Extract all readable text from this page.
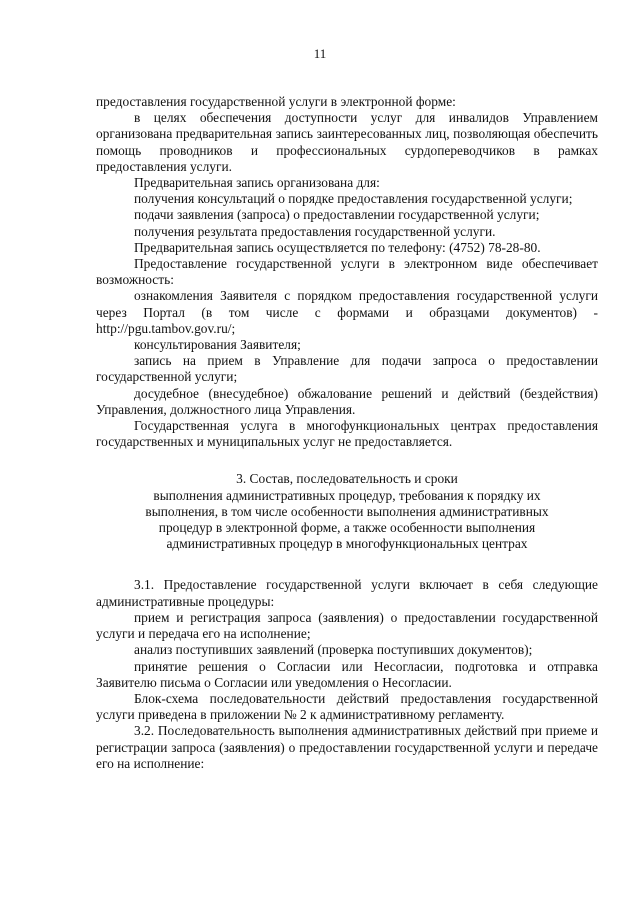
11

предоставления государственной услуги в электронной форме:

в целях обеспечения доступности услуг для инвалидов Управлением организована предварительная запись заинтересованных лиц, позволяющая обеспечить помощь проводников и профессиональных сурдопереводчиков в рамках предоставления услуги.

Предварительная запись организована для:

получения консультаций о порядке предоставления государственной услуги;

подачи заявления (запроса) о предоставлении государственной услуги;

получения результата предоставления государственной услуги.

Предварительная запись осуществляется по телефону: (4752) 78-28-80.

Предоставление государственной услуги в электронном виде обеспечивает возможность:

ознакомления Заявителя с порядком предоставления государственной услуги через Портал (в том числе с формами и образцами документов) - http://pgu.tambov.gov.ru/;

консультирования Заявителя;

запись на прием в Управление для подачи запроса о предоставлении государственной услуги;

досудебное (внесудебное) обжалование решений и действий (бездействия) Управления, должностного лица Управления.

Государственная услуга в многофункциональных центрах предоставления государственных и муниципальных услуг не предоставляется.

3. Состав, последовательность и сроки
выполнения административных процедур, требования к порядку их
выполнения, в том числе особенности выполнения административных
процедур в электронной форме, а также особенности выполнения
административных процедур в многофункциональных центрах

3.1. Предоставление государственной услуги включает в себя следующие административные процедуры:

прием и регистрация запроса (заявления) о предоставлении государственной услуги и передача его на исполнение;

анализ поступивших заявлений (проверка поступивших документов);

принятие решения о Согласии или Несогласии, подготовка и отправка Заявителю письма о Согласии или уведомления о Несогласии.

Блок-схема последовательности действий предоставления государственной услуги приведена в приложении № 2 к административному регламенту.

3.2. Последовательность выполнения административных действий при приеме и регистрации запроса (заявления) о предоставлении государственной услуги и передаче его на исполнение:
